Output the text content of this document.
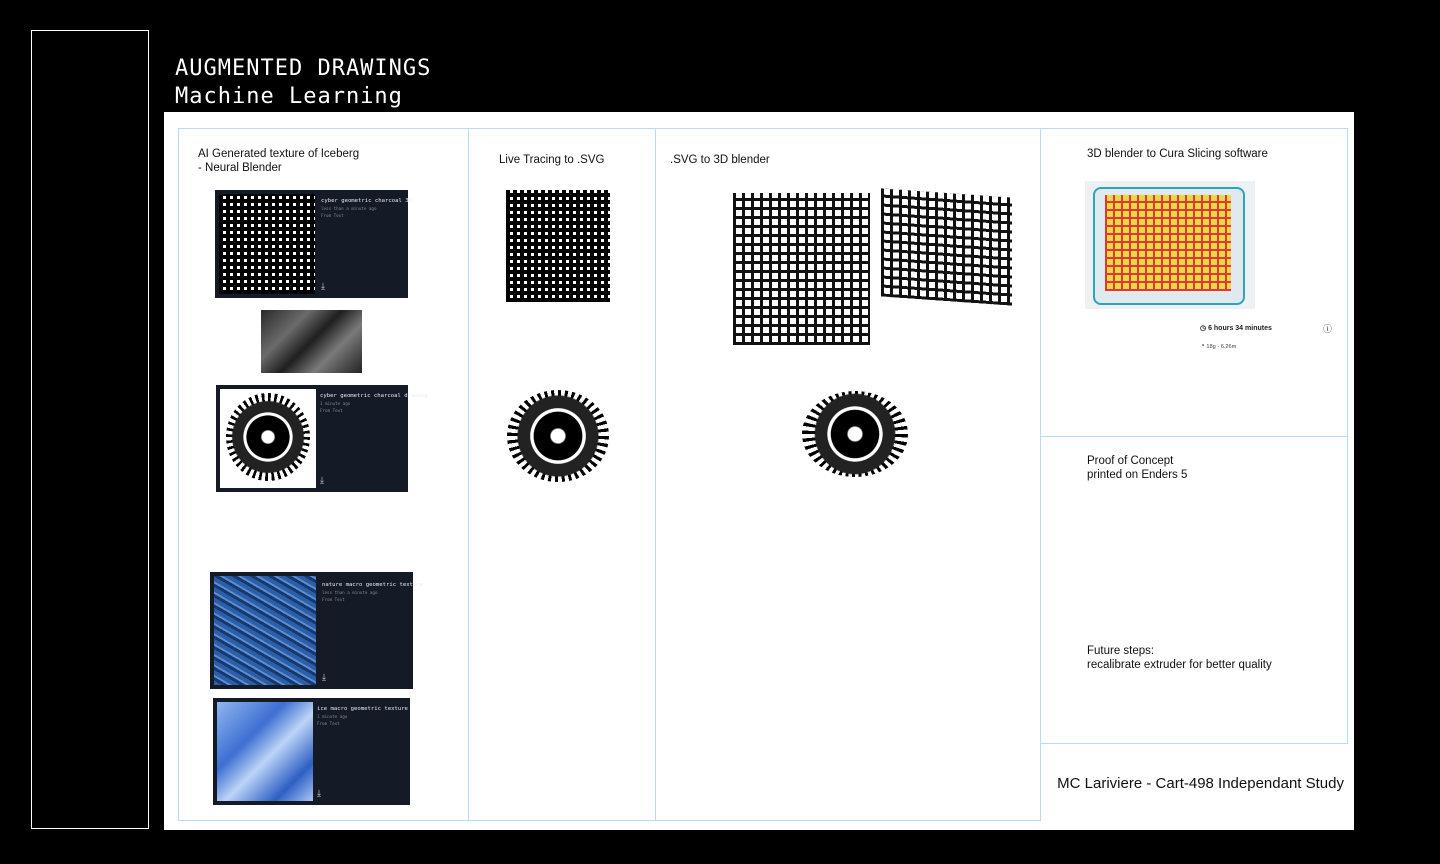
AUGMENTED DRAWINGS
Machine Learning
AI Generated texture of Iceberg
- Neural Blender
cyber geometric charcoal 3D
less than a minute ago
From Text
⤓
cyber geometric charcoal drawing
1 minute ago
From Text
⤓
nature macro geometric texture
less than a minute ago
From Text
⤓
ice macro geometric texture
1 minute ago
From Text
⤓
Live Tracing to .SVG	.SVG to 3D blender	3D blender to Cura Slicing software
◷ 6 hours 34 minutes	ⓘ
◔ 18g · 6.26m
Proof of Concept
printed on Enders 5
Future steps:
recalibrate extruder for better quality
MC Lariviere - Cart-498 Independant Study
